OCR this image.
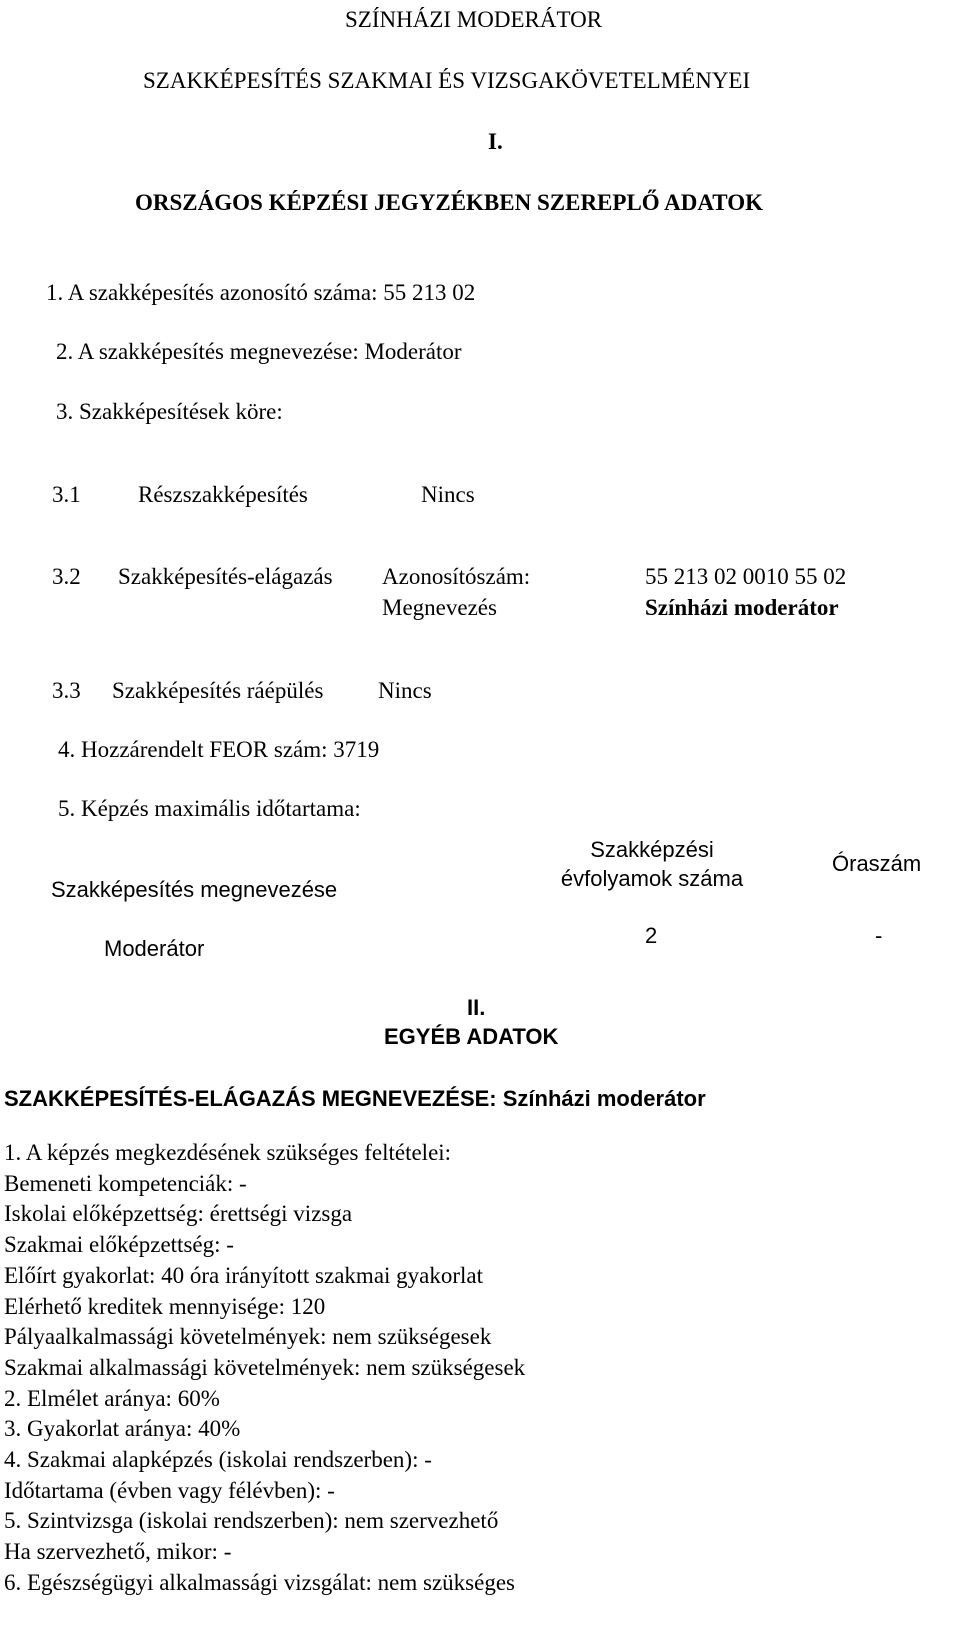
SZÍNHÁZI MODERÁTOR
SZAKKÉPESÍTÉS SZAKMAI ÉS VIZSGAKÖVETELMÉNYEI
I.
ORSZÁGOS KÉPZÉSI JEGYZÉKBEN SZEREPLŐ ADATOK
1. A szakképesítés azonosító száma: 55 213 02
2. A szakképesítés megnevezése: Moderátor
3. Szakképesítések köre:
3.1 Részszakképesítés	Nincs
3.2 Szakképesítés-elágazás Azonosítószám:
Megnevezés
55 213 02 0010 55 02
Színházi moderátor
3.3 Szakképesítés ráépülés Nincs
4. Hozzárendelt FEOR szám: 3719
5. Képzés maximális időtartama:
Szakképesítés megnevezése
Szakképzési
évfolyamok száma
Óraszám
Moderátor
2	-
II.
EGYÉB ADATOK
SZAKKÉPESÍTÉS-ELÁGAZÁS MEGNEVEZÉSE: Színházi moderátor
1. A képzés megkezdésének szükséges feltételei:
Bemeneti kompetenciák: -
Iskolai előképzettség: érettségi vizsga
Szakmai előképzettség: -
Előírt gyakorlat: 40 óra irányított szakmai gyakorlat
Elérhető kreditek mennyisége: 120
Pályaalkalmassági követelmények: nem szükségesek
Szakmai alkalmassági követelmények: nem szükségesek
2. Elmélet aránya: 60%
3. Gyakorlat aránya: 40%
4. Szakmai alapképzés (iskolai rendszerben): -
Időtartama (évben vagy félévben): -
5. Szintvizsga (iskolai rendszerben): nem szervezhető
Ha szervezhető, mikor: -
6. Egészségügyi alkalmassági vizsgálat: nem szükséges
